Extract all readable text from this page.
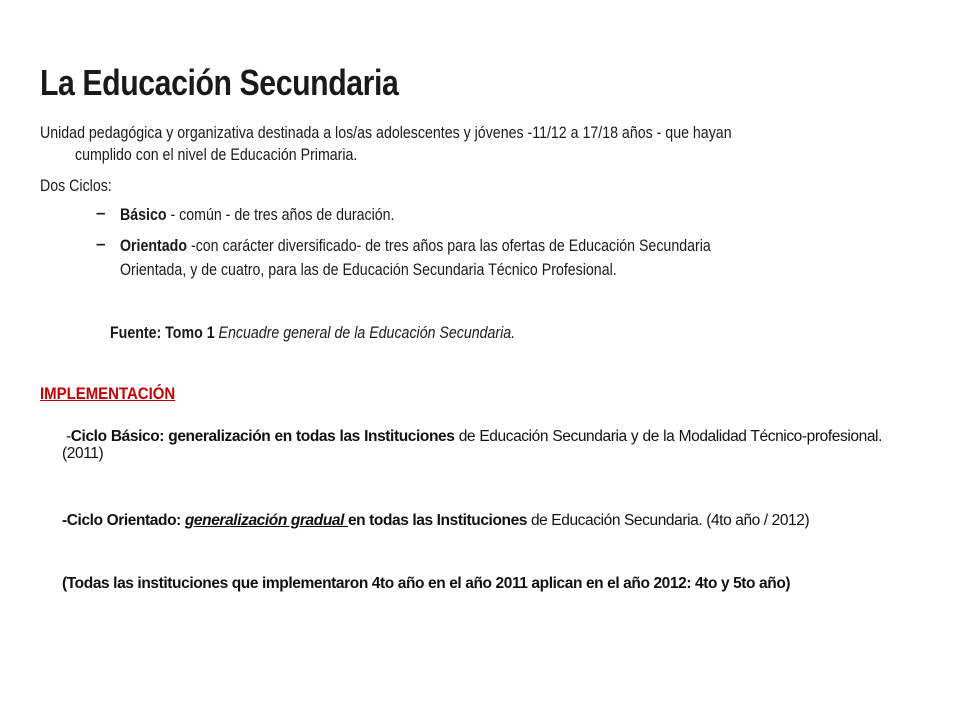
La Educación Secundaria
Unidad pedagógica y organizativa destinada a los/as adolescentes y jóvenes -11/12 a 17/18 años - que hayan
cumplido con el nivel de Educación Primaria.
Dos Ciclos:
– Básico - común - de tres años de duración.
– Orientado -con carácter diversificado- de tres años para las ofertas de Educación Secundaria
Orientada, y de cuatro, para las de Educación Secundaria Técnico Profesional.
Fuente: Tomo 1 Encuadre general de la Educación Secundaria.
IMPLEMENTACIÓN
-Ciclo Básico: generalización en todas las Instituciones de Educación Secundaria y de la Modalidad Técnico-profesional. (2011)
-Ciclo Orientado: generalización gradual en todas las Instituciones de Educación Secundaria. (4to año / 2012)
(Todas las instituciones que implementaron 4to año en el año 2011 aplican en el año 2012: 4to y 5to año)
